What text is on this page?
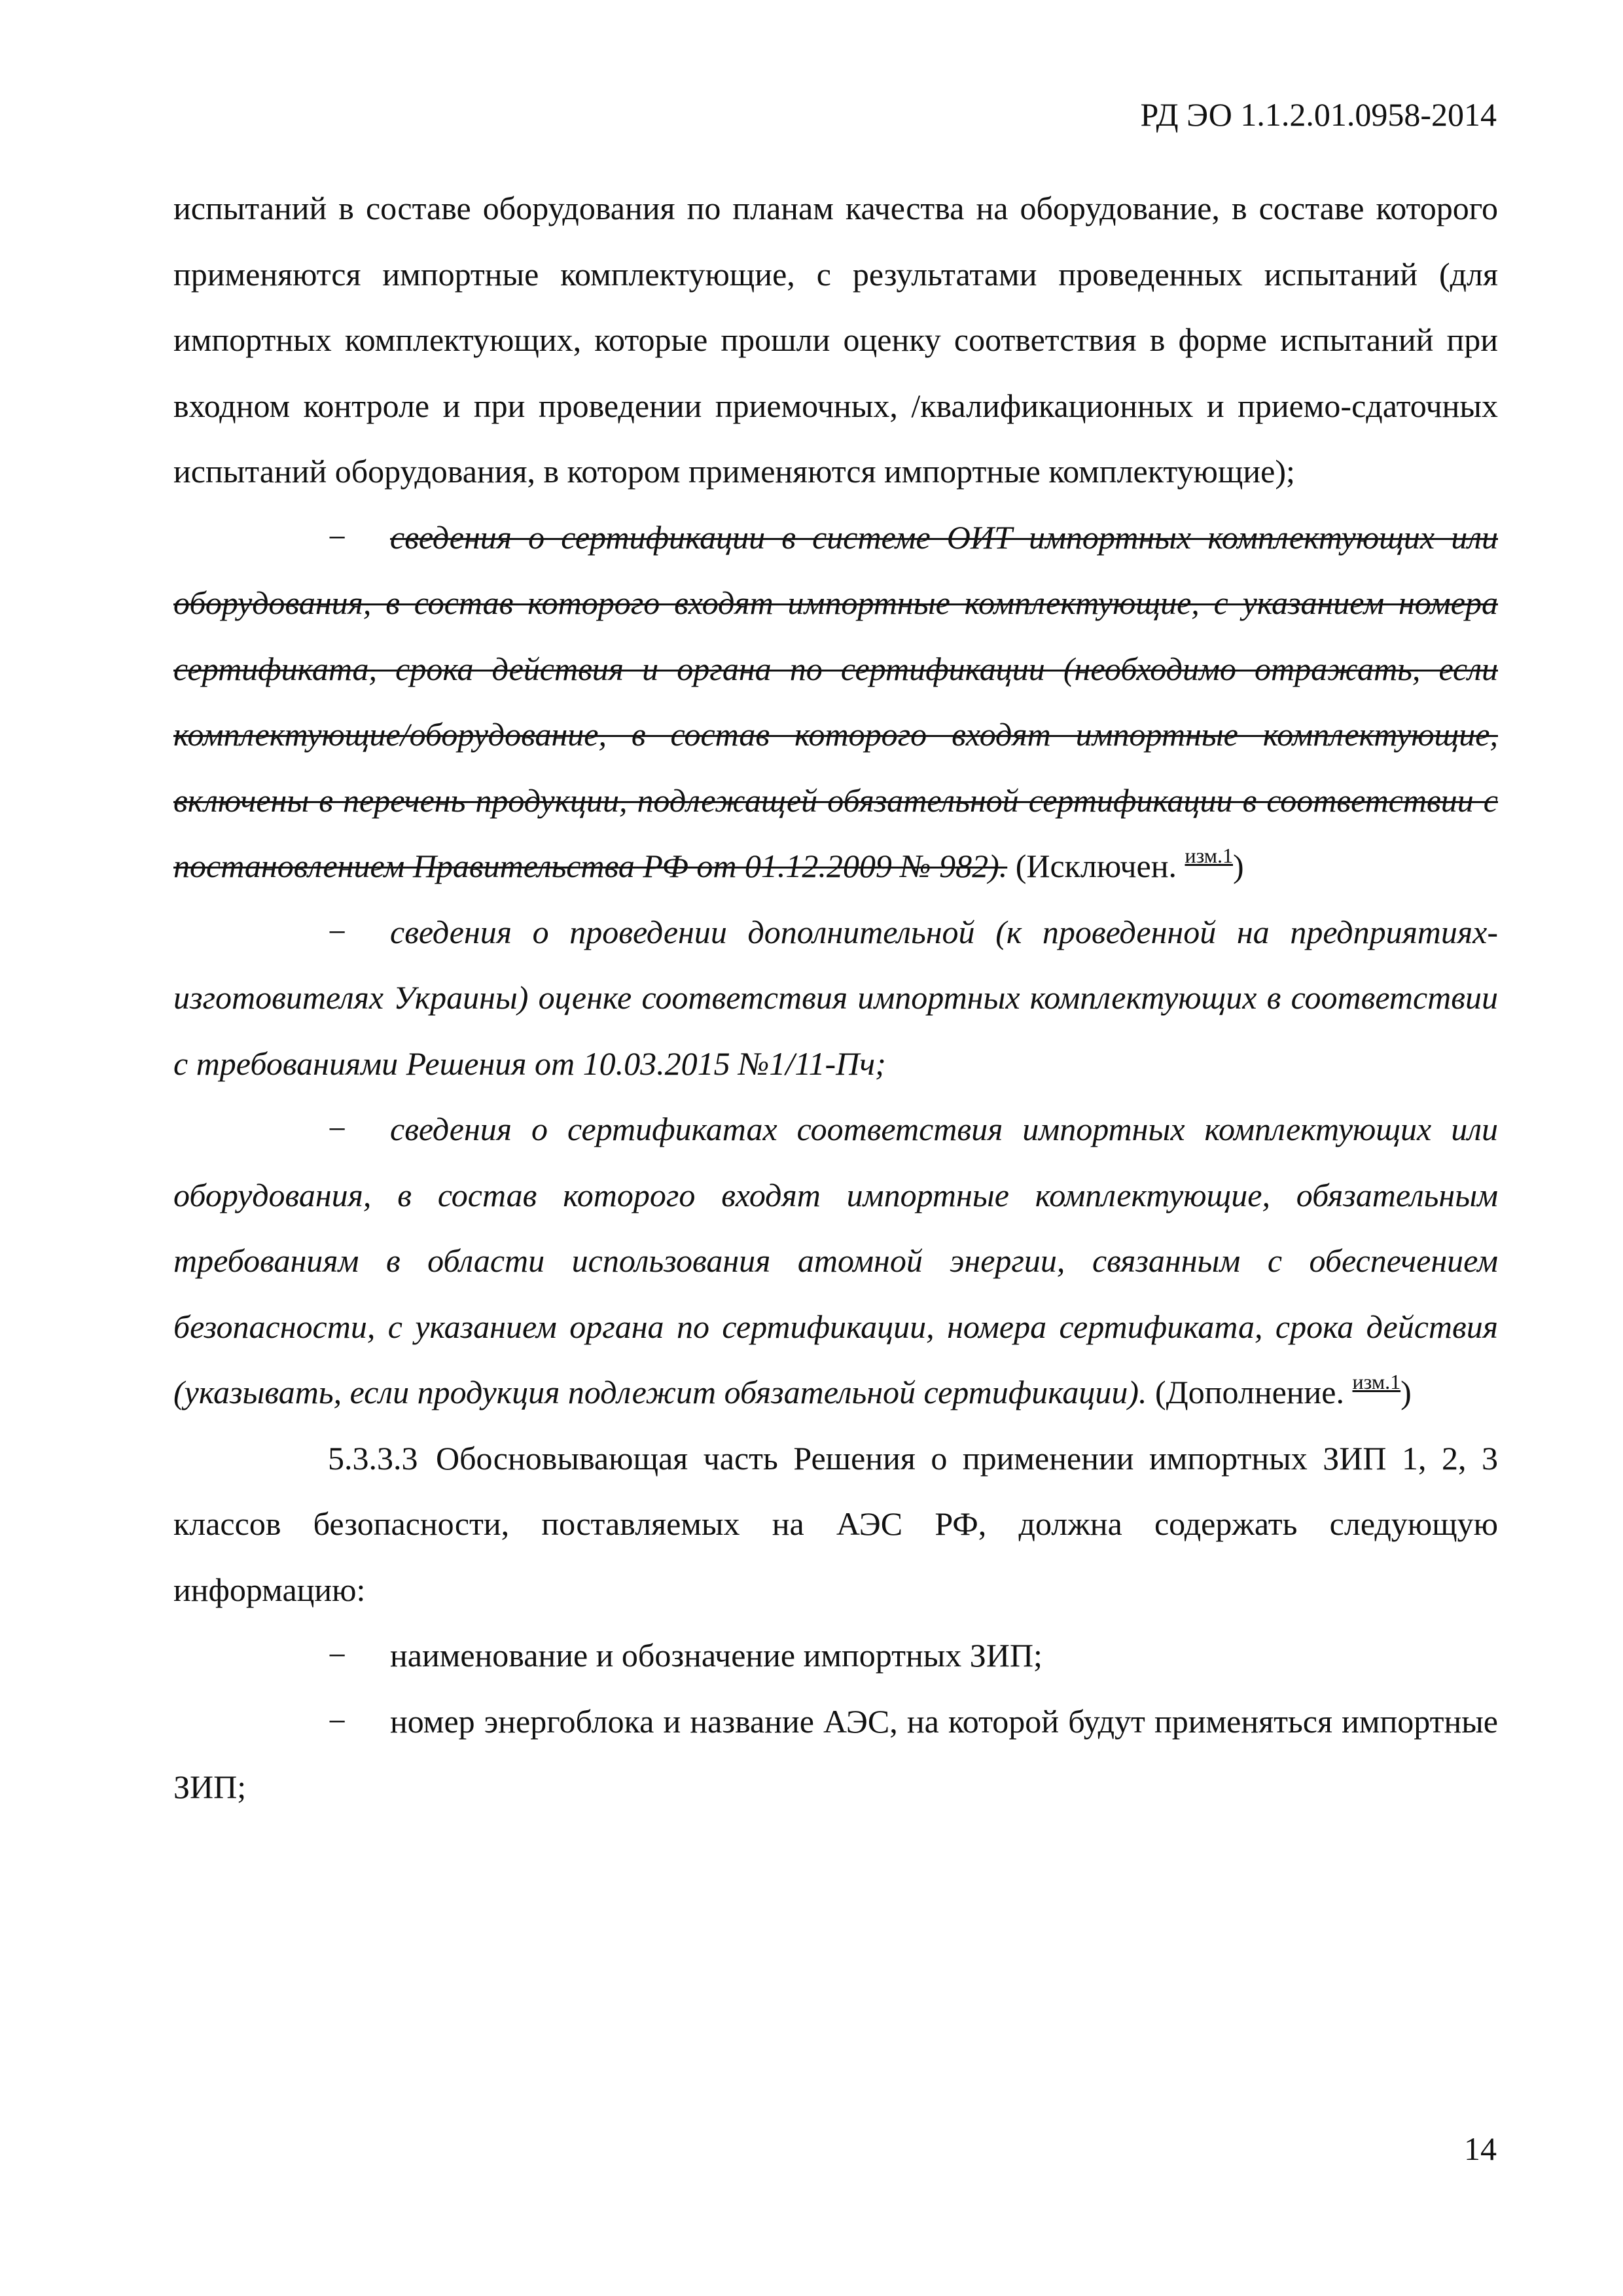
РД ЭО 1.1.2.01.0958-2014

испытаний в составе оборудования по планам качества на оборудование, в составе которого применяются импортные комплектующие, с результатами проведенных испытаний (для импортных комплектующих, которые прошли оценку соответствия в форме испытаний при входном контроле и при проведении приемочных, /квалификационных и приемо-сдаточных испытаний оборудования, в котором применяются импортные комплектующие);

− сведения о сертификации в системе ОИТ импортных комплектующих или оборудования, в состав которого входят импортные комплектующие, с указанием номера сертификата, срока действия и органа по сертификации (необходимо отражать, если комплектующие/оборудование, в состав которого входят импортные комплектующие, включены в перечень продукции, подлежащей обязательной сертификации в соответствии с постановлением Правительства РФ от 01.12.2009 № 982). (Исключен. $^{изм.1}$)

− сведения о проведении дополнительной (к проведенной на предприятиях-изготовителях Украины) оценке соответствия импортных комплектующих в соответствии с требованиями Решения от 10.03.2015 №1/11-Пч;

− сведения о сертификатах соответствия импортных комплектующих или оборудования, в состав которого входят импортные комплектующие, обязательным требованиям в области использования атомной энергии, связанным с обеспечением безопасности, с указанием органа по сертификации, номера сертификата, срока действия (указывать, если продукция подлежит обязательной сертификации). (Дополнение. $^{изм.1}$)

5.3.3.3 Обосновывающая часть Решения о применении импортных ЗИП 1, 2, 3 классов безопасности, поставляемых на АЭС РФ, должна содержать следующую информацию:

− наименование и обозначение импортных ЗИП;

− номер энергоблока и название АЭС, на которой будут применяться импортные ЗИП;

14
